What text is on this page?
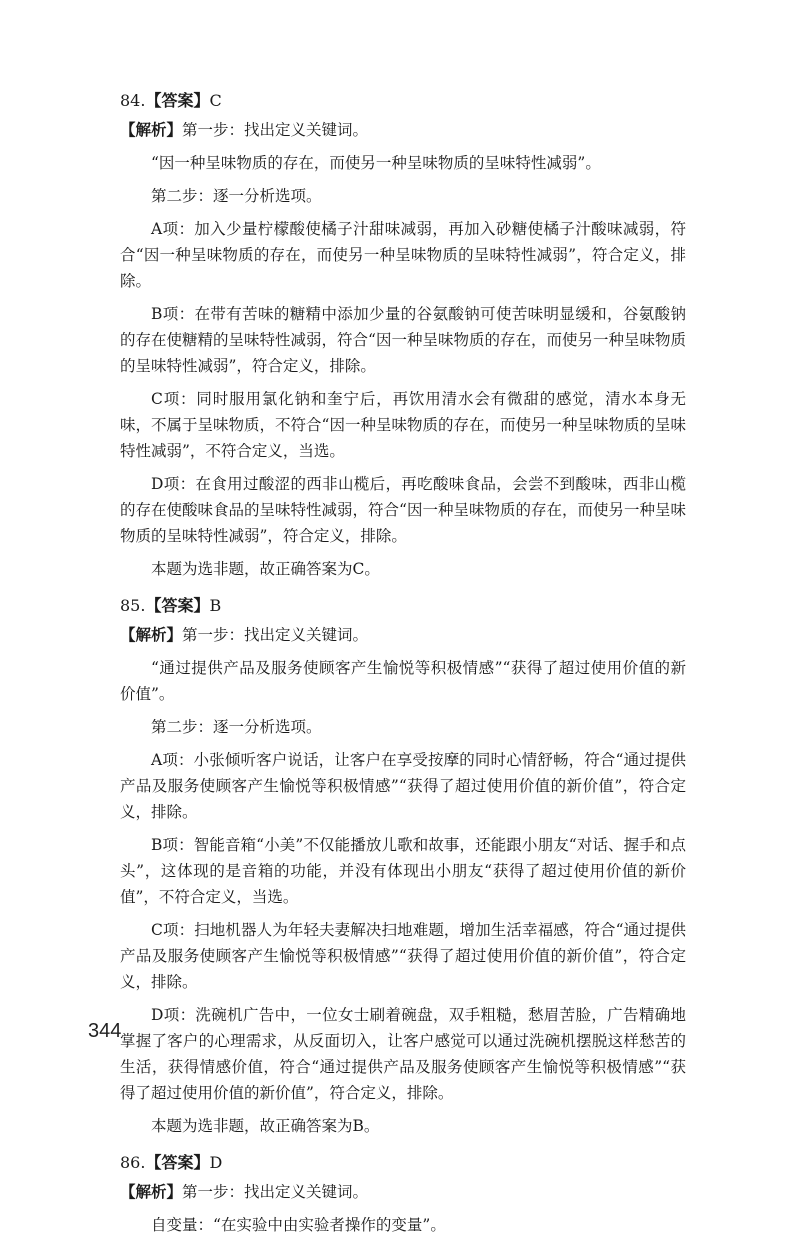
84.【答案】C

【解析】第一步：找出定义关键词。

“因一种呈味物质的存在，而使另一种呈味物质的呈味特性减弱”。

第二步：逐一分析选项。

A项：加入少量柠檬酸使橘子汁甜味减弱，再加入砂糖使橘子汁酸味减弱，符合“因一种呈味物质的存在，而使另一种呈味物质的呈味特性减弱”，符合定义，排除。

B项：在带有苦味的糖精中添加少量的谷氨酸钠可使苦味明显缓和，谷氨酸钠的存在使糖精的呈味特性减弱，符合“因一种呈味物质的存在，而使另一种呈味物质的呈味特性减弱”，符合定义，排除。

C项：同时服用氯化钠和奎宁后，再饮用清水会有微甜的感觉，清水本身无味，不属于呈味物质，不符合“因一种呈味物质的存在，而使另一种呈味物质的呈味特性减弱”，不符合定义，当选。

D项：在食用过酸涩的西非山榄后，再吃酸味食品，会尝不到酸味，西非山榄的存在使酸味食品的呈味特性减弱，符合“因一种呈味物质的存在，而使另一种呈味物质的呈味特性减弱”，符合定义，排除。

本题为选非题，故正确答案为C。

85.【答案】B

【解析】第一步：找出定义关键词。

“通过提供产品及服务使顾客产生愉悦等积极情感”“获得了超过使用价值的新价值”。

第二步：逐一分析选项。

A项：小张倾听客户说话，让客户在享受按摩的同时心情舒畅，符合“通过提供产品及服务使顾客产生愉悦等积极情感”“获得了超过使用价值的新价值”，符合定义，排除。

B项：智能音箱“小美”不仅能播放儿歌和故事，还能跟小朋友“对话、握手和点头”，这体现的是音箱的功能，并没有体现出小朋友“获得了超过使用价值的新价值”，不符合定义，当选。

C项：扫地机器人为年轻夫妻解决扫地难题，增加生活幸福感，符合“通过提供产品及服务使顾客产生愉悦等积极情感”“获得了超过使用价值的新价值”，符合定义，排除。

D项：洗碗机广告中，一位女士刷着碗盘，双手粗糙，愁眉苦脸，广告精确地掌握了客户的心理需求，从反面切入，让客户感觉可以通过洗碗机摆脱这样愁苦的生活，获得情感价值，符合“通过提供产品及服务使顾客产生愉悦等积极情感”“获得了超过使用价值的新价值”，符合定义，排除。

本题为选非题，故正确答案为B。

86.【答案】D

【解析】第一步：找出定义关键词。

自变量：“在实验中由实验者操作的变量”。

344
